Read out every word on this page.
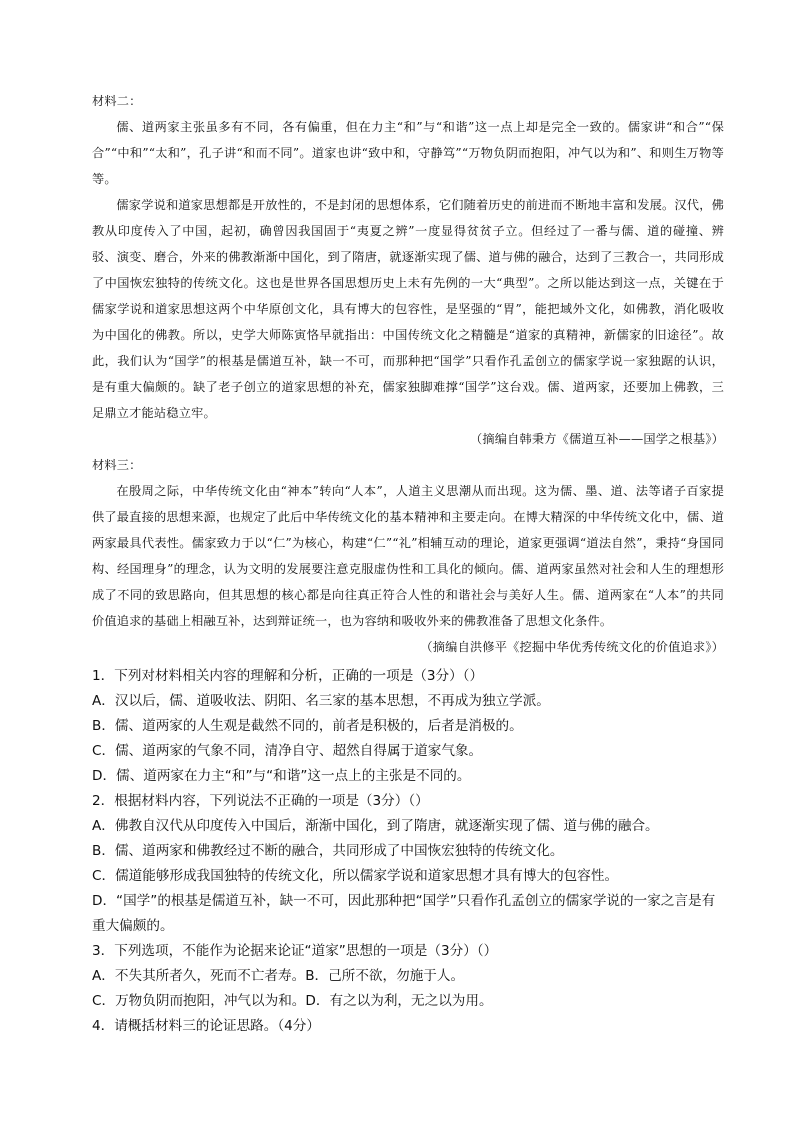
材料二：

儒、道两家主张虽多有不同，各有偏重，但在力主“和”与“和谐”这一点上却是完全一致的。儒家讲“和合”“保合”“中和”“太和”，孔子讲“和而不同”。道家也讲“致中和，守静笃”“万物负阴而抱阳，冲气以为和”、和则生万物等等。

儒家学说和道家思想都是开放性的，不是封闭的思想体系，它们随着历史的前进而不断地丰富和发展。汉代，佛教从印度传入了中国，起初，确曾因我国固于“夷夏之辨”一度显得贫贫子立。但经过了一番与儒、道的碰撞、辨驳、演变、磨合，外来的佛教渐渐中国化，到了隋唐，就逐渐实现了儒、道与佛的融合，达到了三教合一，共同形成了中国恢宏独特的传统文化。这也是世界各国思想历史上未有先例的一大“典型”。之所以能达到这一点，关键在于儒家学说和道家思想这两个中华原创文化，具有博大的包容性，是坚强的“胃”，能把域外文化，如佛教，消化吸收为中国化的佛教。所以，史学大师陈寅恪早就指出：中国传统文化之精髓是“道家的真精神，新儒家的旧途径”。故此，我们认为“国学”的根基是儒道互补，缺一不可，而那种把“国学”只看作孔孟创立的儒家学说一家独踞的认识，是有重大偏颇的。缺了老子创立的道家思想的补充，儒家独脚难撑“国学”这台戏。儒、道两家，还要加上佛教，三足鼎立才能站稳立牢。

（摘编自韩秉方《儒道互补——国学之根基》）

材料三：

在殷周之际，中华传统文化由“神本”转向“人本”，人道主义思潮从而出现。这为儒、墨、道、法等诸子百家提供了最直接的思想来源，也规定了此后中华传统文化的基本精神和主要走向。在博大精深的中华传统文化中，儒、道两家最具代表性。儒家致力于以“仁”为核心，构建“仁”“礼”相辅互动的理论，道家更强调“道法自然”，秉持“身国同构、经国理身”的理念，认为文明的发展要注意克服虚伪性和工具化的倾向。儒、道两家虽然对社会和人生的理想形成了不同的致思路向，但其思想的核心都是向往真正符合人性的和谐社会与美好人生。儒、道两家在“人本”的共同价值追求的基础上相融互补，达到辩证统一，也为容纳和吸收外来的佛教准备了思想文化条件。

（摘编自洪修平《挖掘中华优秀传统文化的价值追求》）

1．下列对材料相关内容的理解和分析，正确的一项是（3分）（）

A．汉以后，儒、道吸收法、阴阳、名三家的基本思想，不再成为独立学派。

B．儒、道两家的人生观是截然不同的，前者是积极的，后者是消极的。

C．儒、道两家的气象不同，清净自守、超然自得属于道家气象。

D．儒、道两家在力主“和”与“和谐”这一点上的主张是不同的。

2．根据材料内容，下列说法不正确的一项是（3分）（）

A．佛教自汉代从印度传入中国后，渐渐中国化，到了隋唐，就逐渐实现了儒、道与佛的融合。

B．儒、道两家和佛教经过不断的融合，共同形成了中国恢宏独特的传统文化。

C．儒道能够形成我国独特的传统文化，所以儒家学说和道家思想才具有博大的包容性。

D．“国学”的根基是儒道互补，缺一不可，因此那种把“国学”只看作孔孟创立的儒家学说的一家之言是有重大偏颇的。

3．下列选项，不能作为论据来论证“道家”思想的一项是（3分）（）

A．不失其所者久，死而不亡者寿。B．己所不欲，勿施于人。

C．万物负阴而抱阳，冲气以为和。D．有之以为利，无之以为用。

4．请概括材料三的论证思路。（4分）
